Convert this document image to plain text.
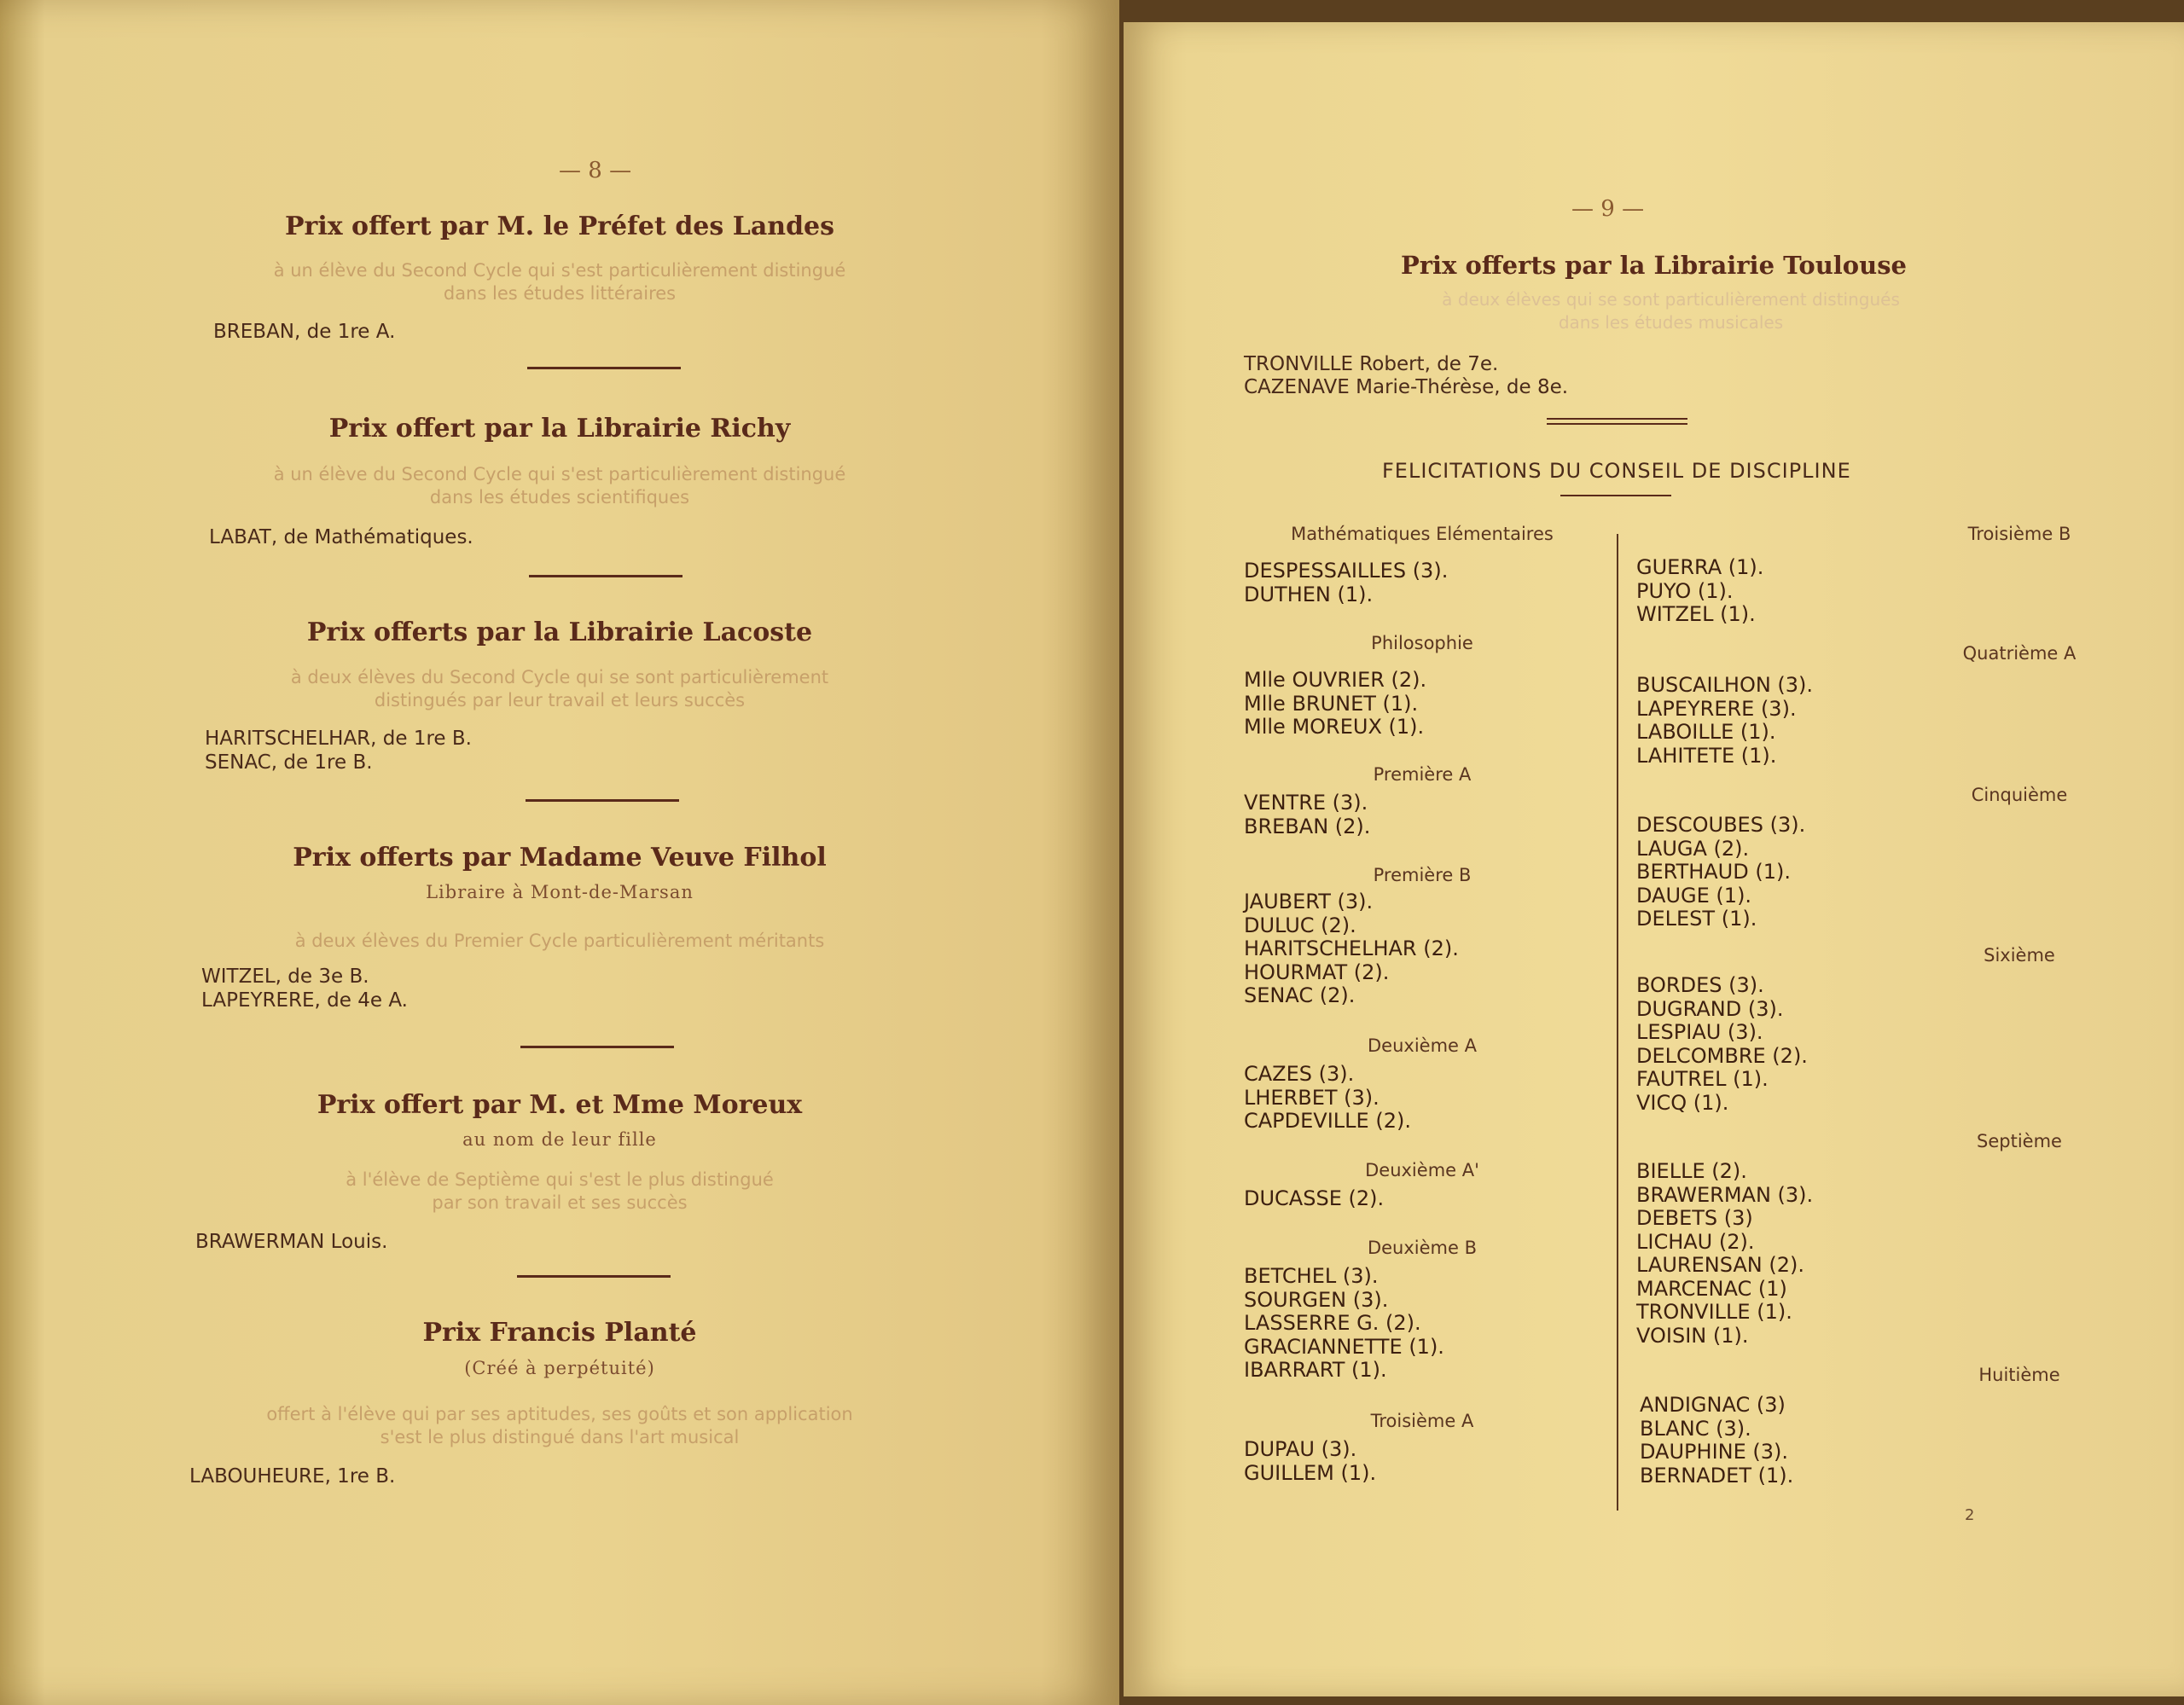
— 8 —
Prix offert par M. le Préfet des Landes
à un élève du Second Cycle qui s'est particulièrement distingué
dans les études littéraires
BREBAN, de 1re A.
Prix offert par la Librairie Richy
à un élève du Second Cycle qui s'est particulièrement distingué
dans les études scientifiques
LABAT, de Mathématiques.
Prix offerts par la Librairie Lacoste
à deux élèves du Second Cycle qui se sont particulièrement
distingués par leur travail et leurs succès
HARITSCHELHAR, de 1re B.
SENAC, de 1re B.
Prix offerts par Madame Veuve Filhol
Libraire à Mont-de-Marsan
à deux élèves du Premier Cycle particulièrement méritants
WITZEL, de 3e B.
LAPEYRERE, de 4e A.
Prix offert par M. et Mme Moreux
au nom de leur fille
à l'élève de Septième qui s'est le plus distingué
par son travail et ses succès
BRAWERMAN Louis.
Prix Francis Planté
(Créé à perpétuité)
offert à l'élève qui par ses aptitudes, ses goûts et son application
s'est le plus distingué dans l'art musical
LABOUHEURE, 1re B.
— 9 —
Prix offerts par la Librairie Toulouse
à deux élèves qui se sont particulièrement distingués
dans les études musicales
TRONVILLE Robert, de 7e.
CAZENAVE Marie-Thérèse, de 8e.
FELICITATIONS DU CONSEIL DE DISCIPLINE
Mathématiques Elémentaires
DESPESSAILLES (3).
DUTHEN (1).
Philosophie
Mlle OUVRIER (2).
Mlle BRUNET (1).
Mlle MOREUX (1).
Première A
VENTRE (3).
BREBAN (2).
Première B
JAUBERT (3).
DULUC (2).
HARITSCHELHAR (2).
HOURMAT (2).
SENAC (2).
Deuxième A
CAZES (3).
LHERBET (3).
CAPDEVILLE (2).
Deuxième A'
DUCASSE (2).
Deuxième B
BETCHEL (3).
SOURGEN (3).
LASSERRE G. (2).
GRACIANNETTE (1).
IBARRART (1).
Troisième A
DUPAU (3).
GUILLEM (1).
Troisième B
GUERRA (1).
PUYO (1).
WITZEL (1).
Quatrième A
BUSCAILHON (3).
LAPEYRERE (3).
LABOILLE (1).
LAHITETE (1).
Cinquième
DESCOUBES (3).
LAUGA (2).
BERTHAUD (1).
DAUGE (1).
DELEST (1).
Sixième
BORDES (3).
DUGRAND (3).
LESPIAU (3).
DELCOMBRE (2).
FAUTREL (1).
VICQ (1).
Septième
BIELLE (2).
BRAWERMAN (3).
DEBETS (3)
LICHAU (2).
LAURENSAN (2).
MARCENAC (1)
TRONVILLE (1).
VOISIN (1).
Huitième
ANDIGNAC (3)
BLANC (3).
DAUPHINE (3).
BERNADET (1).
2
